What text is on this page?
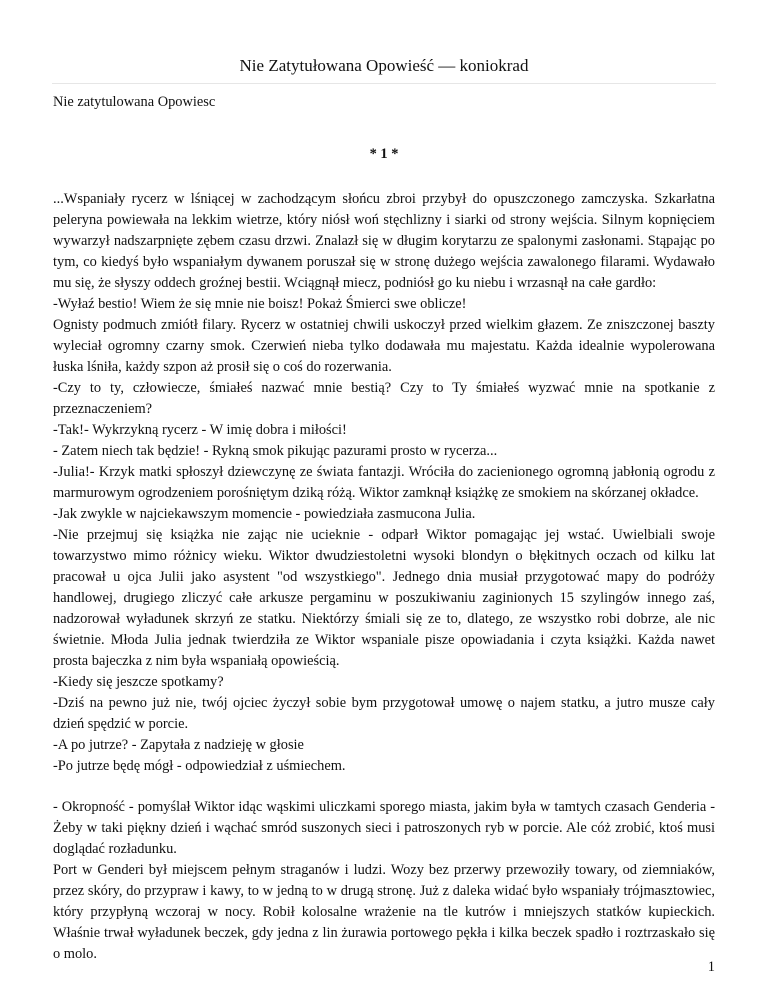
Nie Zatytułowana Opowieść — koniokrad
Nie zatytulowana Opowiesc
* 1 *

...Wspaniały rycerz w lśniącej w zachodzącym słońcu zbroi przybył do opuszczonego zamczyska. Szkarłatna peleryna powiewała na lekkim wietrze, który niósł woń stęchlizny i siarki od strony wejścia. Silnym kopnięciem wywarzył nadszarpnięte zębem czasu drzwi. Znalazł się w długim korytarzu ze spalonymi zasłonami. Stąpając po tym, co kiedyś było wspaniałym dywanem poruszał się w stronę dużego wejścia zawalonego filarami. Wydawało mu się, że słyszy oddech groźnej bestii. Wciągnął miecz, podniósł go ku niebu i wrzasnął na całe gardło:

-Wyłaź bestio! Wiem że się mnie nie boisz! Pokaż Śmierci swe oblicze!

Ognisty podmuch zmiótł filary. Rycerz w ostatniej chwili uskoczył przed wielkim głazem. Ze zniszczonej baszty wyleciał ogromny czarny smok. Czerwień nieba tylko dodawała mu majestatu. Każda idealnie wypolerowana łuska lśniła, każdy szpon aż prosił się o coś do rozerwania.

-Czy to ty, człowiecze, śmiałeś nazwać mnie bestią? Czy to Ty śmiałeś wyzwać mnie na spotkanie z przeznaczeniem?

-Tak!- Wykrzykną rycerz - W imię dobra i miłości!

- Zatem niech tak będzie! - Rykną smok pikując pazurami prosto w rycerza...

-Julia!- Krzyk matki spłoszył dziewczynę ze świata fantazji. Wróciła do zacienionego ogromną jabłonią ogrodu z marmurowym ogrodzeniem porośniętym dziką różą. Wiktor zamknął książkę ze smokiem na skórzanej okładce.

-Jak zwykle w najciekawszym momencie - powiedziała zasmucona Julia.

-Nie przejmuj się książka nie zając nie ucieknie - odparł Wiktor pomagając jej wstać. Uwielbiali swoje towarzystwo mimo różnicy wieku. Wiktor dwudziestoletni wysoki blondyn o błękitnych oczach od kilku lat pracował u ojca Julii jako asystent "od wszystkiego". Jednego dnia musiał przygotować mapy do podróży handlowej, drugiego zliczyć całe arkusze pergaminu w poszukiwaniu zaginionych 15 szylingów innego zaś, nadzorował wyładunek skrzyń ze statku. Niektórzy śmiali się ze to, dlatego, ze wszystko robi dobrze, ale nic świetnie. Młoda Julia jednak twierdziła ze Wiktor wspaniale pisze opowiadania i czyta książki. Każda nawet prosta bajeczka z nim była wspaniałą opowieścią.

-Kiedy się jeszcze spotkamy?

-Dziś na pewno już nie, twój ojciec życzył sobie bym przygotował umowę o najem statku, a jutro musze cały dzień spędzić w porcie.

-A po jutrze? - Zapytała z nadzieję w głosie

-Po jutrze będę mógł - odpowiedział z uśmiechem.

- Okropność - pomyślał Wiktor idąc wąskimi uliczkami sporego miasta, jakim była w tamtych czasach Genderia - Żeby w taki piękny dzień i wąchać smród suszonych sieci i patroszonych ryb w porcie. Ale cóż zrobić, ktoś musi doglądać rozładunku.

Port w Genderi był miejscem pełnym straganów i ludzi. Wozy bez przerwy przewoziły towary, od ziemniaków, przez skóry, do przypraw i kawy, to w jedną to w drugą stronę. Już z daleka widać było wspaniały trójmasztowiec, który przypłyną wczoraj w nocy. Robił kolosalne wrażenie na tle kutrów i mniejszych statków kupieckich. Właśnie trwał wyładunek beczek, gdy jedna z lin żurawia portowego pękła i kilka beczek spadło i roztrzaskało się o molo.

1
